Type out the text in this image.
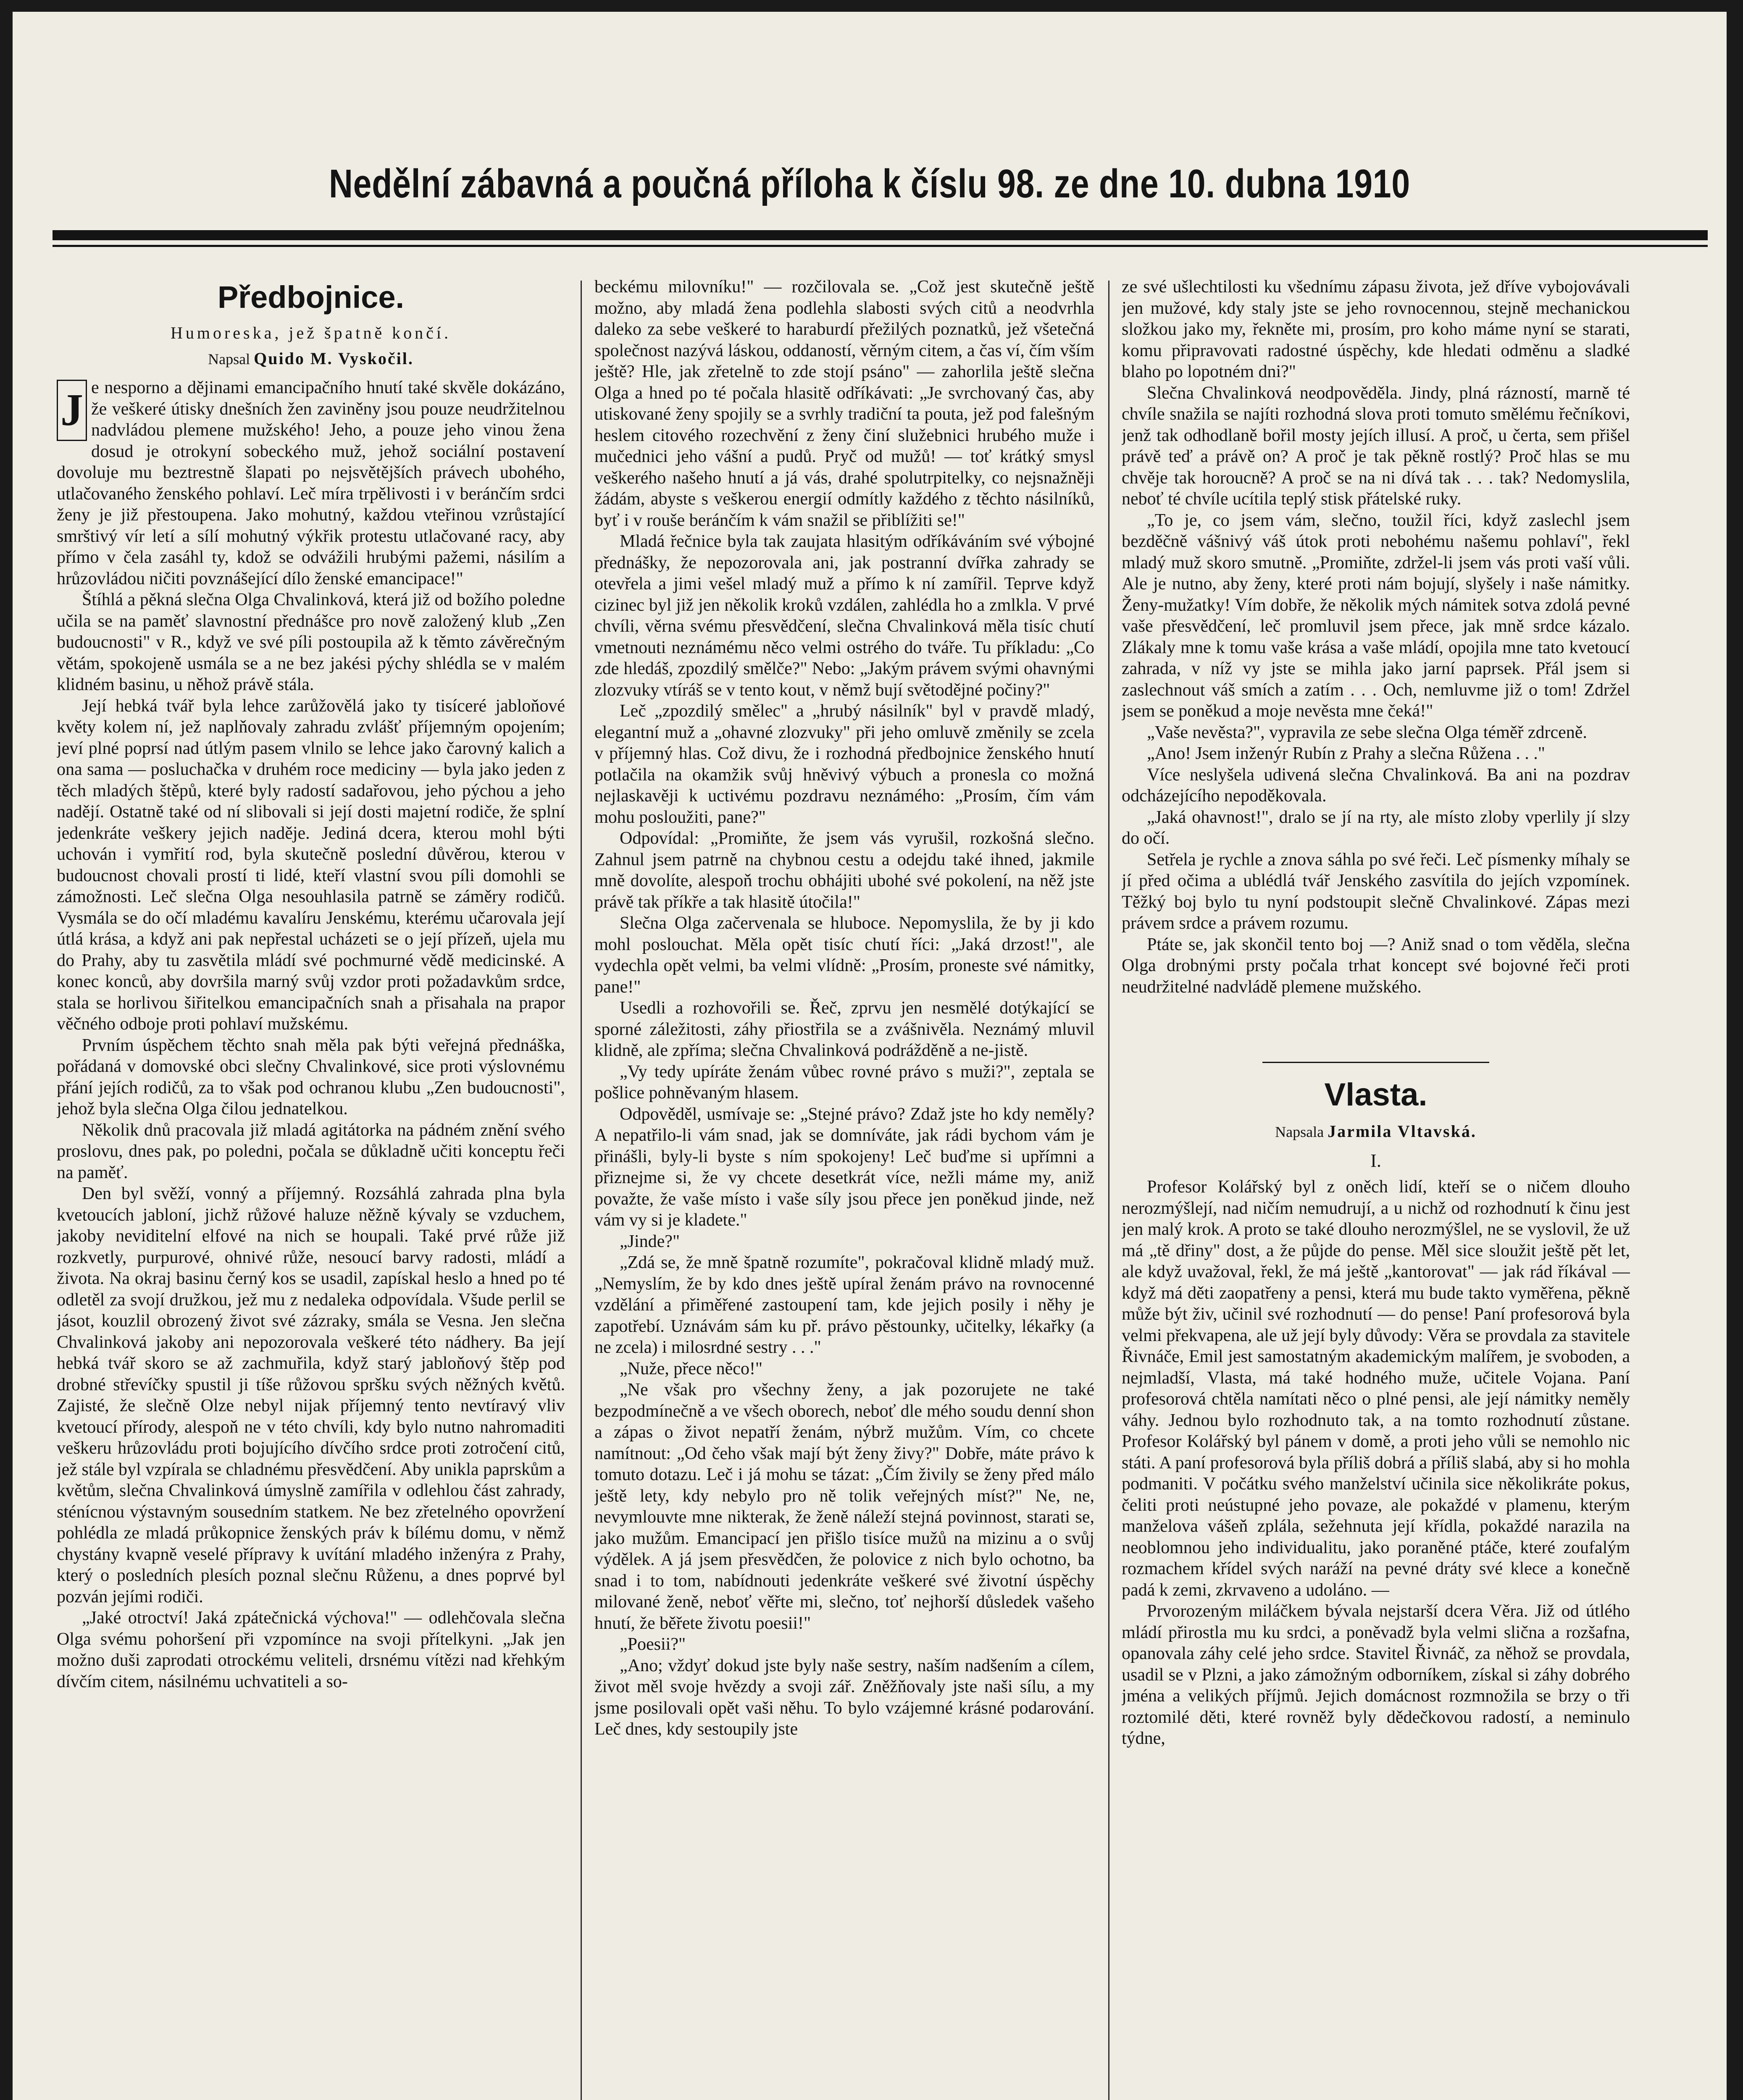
Nedělní zábavná a poučná příloha k číslu 98. ze dne 10. dubna 1910
Předbojnice.
Humoreska, jež špatně končí.
Napsal Quido M. Vyskočil.

J e nesporno a dějinami emancipačního hnutí také skvěle dokázáno, že veškeré útisky dnešních žen zaviněny jsou pouze neudržitelnou nadvládou plemene mužského! Jeho, a pouze jeho vinou žena dosud je otrokyní sobeckého muž, jehož sociální postavení dovoluje mu beztrestně šlapati po nejsvětějších právech ubohého, utlačovaného ženského pohlaví. Leč míra trpělivosti i v beránčím srdci ženy je již přestoupena. Jako mohutný, každou vteřinou vzrůstající smrštivý vír letí a sílí mohutný výkřik protestu utlačované racy, aby přímo v čela zasáhl ty, kdož se odvážili hrubými pažemi, násilím a hrůzovládou ničiti povznášející dílo ženské emancipace!"

Štíhlá a pěkná slečna Olga Chvalinková, která již od božího poledne učila se na paměť slavnostní přednášce pro nově založený klub „Zen budoucnosti" v R., když ve své píli postoupila až k těmto závěrečným větám, spokojeně usmála se a ne bez jakési pýchy shlédla se v malém klidném basinu, u něhož právě stála.

Její hebká tvář byla lehce zarůžovělá jako ty tisíceré jabloňové květy kolem ní, jež naplňovaly zahradu zvlášť příjemným opojením; jeví plné poprsí nad útlým pasem vlnilo se lehce jako čarovný kalich a ona sama — posluchačka v druhém roce mediciny — byla jako jeden z těch mladých štěpů, které byly radostí sadařovou, jeho pýchou a jeho nadějí. Ostatně také od ní slibovali si její dosti majetní rodiče, že splní jedenkráte veškery jejich naděje. Jediná dcera, kterou mohl býti uchován i vymřití rod, byla skutečně poslední důvěrou, kterou v budoucnost chovali prostí ti lidé, kteří vlastní svou píli domohli se zámožnosti. Leč slečna Olga nesouhlasila patrně se záměry rodičů. Vysmála se do očí mladému kavalíru Jenskému, kterému učarovala její útlá krása, a když ani pak nepřestal ucházeti se o její přízeň, ujela mu do Prahy, aby tu zasvětila mládí své pochmurné vědě medicinské. A konec konců, aby dovršila marný svůj vzdor proti požadavkům srdce, stala se horlivou šiřitelkou emancipačních snah a přisahala na prapor věčného odboje proti pohlaví mužskému.

Prvním úspěchem těchto snah měla pak býti veřejná přednáška, pořádaná v domovské obci slečny Chvalinkové, sice proti výslovnému přání jejích rodičů, za to však pod ochranou klubu „Zen budoucnosti", jehož byla slečna Olga čilou jednatelkou.

Několik dnů pracovala již mladá agitátorka na pádném znění svého proslovu, dnes pak, po poledni, počala se důkladně učiti konceptu řeči na paměť.

Den byl svěží, vonný a příjemný. Rozsáhlá zahrada plna byla kvetoucích jabloní, jichž růžové haluze něžně kývaly se vzduchem, jakoby neviditelní elfové na nich se houpali. Také prvé růže již rozkvetly, purpurové, ohnivé růže, nesoucí barvy radosti, mládí a života. Na okraj basinu černý kos se usadil, zapískal heslo a hned po té odletěl za svojí družkou, jež mu z nedaleka odpovídala. Všude perlil se jásot, kouzlil obrozený život své zázraky, smála se Vesna. Jen slečna Chvalinková jakoby ani nepozorovala veškeré této nádhery. Ba její hebká tvář skoro se až zachmuřila, když starý jabloňový štěp pod drobné střevíčky spustil ji tíše růžovou spršku svých něžných květů. Zajisté, že slečně Olze nebyl nijak příjemný tento nevtíravý vliv kvetoucí přírody, alespoň ne v této chvíli, kdy bylo nutno nahromaditi veškeru hrůzovládu proti bojujícího dívčího srdce proti zotročení citů, jež stále byl vzpírala se chladnému přesvědčení. Aby unikla paprskům a květům, slečna Chvalinková úmyslně zamířila v odlehlou část zahrady, sténícnou výstavným sousedním statkem. Ne bez zřetelného opovržení pohlédla ze mladá průkopnice ženských práv k bílému domu, v němž chystány kvapně veselé přípravy k uvítání mladého inženýra z Prahy, který o posledních plesích poznal slečnu Růženu, a dnes poprvé byl pozván jejími rodiči.

„Jaké otroctví! Jaká zpátečnická výchova!" — odlehčovala slečna Olga svému pohoršení při vzpomínce na svoji přítelkyni. „Jak jen možno duši zaprodati otrockému veliteli, drsnému vítězi nad křehkým dívčím citem, násilnému uchvatiteli a so-

beckému milovníku!" — rozčilovala se. „Což jest skutečně ještě možno, aby mladá žena podlehla slabosti svých citů a neodvrhla daleko za sebe veškeré to haraburdí přežilých poznatků, jež všetečná společnost nazývá láskou, oddaností, věrným citem, a čas ví, čím vším ještě? Hle, jak zřetelně to zde stojí psáno" — zahorlila ještě slečna Olga a hned po té počala hlasitě odříkávati: „Je svrchovaný čas, aby utiskované ženy spojily se a svrhly tradiční ta pouta, jež pod falešným heslem citového rozechvění z ženy činí služebnici hrubého muže i mučednici jeho vášní a pudů. Pryč od mužů! — toť krátký smysl veškerého našeho hnutí a já vás, drahé spolutrpitelky, co nejsnažněji žádám, abyste s veškerou energií odmítly každého z těchto násilníků, byť i v rouše beránčím k vám snažil se přiblížiti se!"

Mladá řečnice byla tak zaujata hlasitým odříkáváním své výbojné přednášky, že nepozorovala ani, jak postranní dvířka zahrady se otevřela a jimi vešel mladý muž a přímo k ní zamířil. Teprve když cizinec byl již jen několik kroků vzdálen, zahlédla ho a zmlkla. V prvé chvíli, věrna svému přesvědčení, slečna Chvalinková měla tisíc chutí vmetnouti neznámému něco velmi ostrého do tváře. Tu příkladu: „Co zde hledáš, zpozdilý smělče?" Nebo: „Jakým právem svými ohavnými zlozvuky vtíráš se v tento kout, v němž bují světodějné počiny?"

Leč „zpozdilý smělec" a „hrubý násilník" byl v pravdě mladý, elegantní muž a „ohavné zlozvuky" při jeho omluvě změnily se zcela v příjemný hlas. Což divu, že i rozhodná předbojnice ženského hnutí potlačila na okamžik svůj hněvivý výbuch a pronesla co možná nejlaskavěji k uctivému pozdravu neznámého: „Prosím, čím vám mohu posloužiti, pane?"

Odpovídal: „Promiňte, že jsem vás vyrušil, rozkošná slečno. Zahnul jsem patrně na chybnou cestu a odejdu také ihned, jakmile mně dovolíte, alespoň trochu obhájiti ubohé své pokolení, na něž jste právě tak příkře a tak hlasitě útočila!"

Slečna Olga začervenala se hluboce. Nepomyslila, že by ji kdo mohl poslouchat. Měla opět tisíc chutí říci: „Jaká drzost!", ale vydechla opět velmi, ba velmi vlídně: „Prosím, proneste své námitky, pane!"

Usedli a rozhovořili se. Řeč, zprvu jen nesmělé dotýkající se sporné záležitosti, záhy přiostřila se a zvášnivěla. Neznámý mluvil klidně, ale zpříma; slečna Chvalinková podrážděně a ne-jistě.

„Vy tedy upíráte ženám vůbec rovné právo s muži?", zeptala se pošlice pohněvaným hlasem.

Odpověděl, usmívaje se: „Stejné právo? Zdaž jste ho kdy neměly? A nepatřilo-li vám snad, jak se domníváte, jak rádi bychom vám je přinášli, byly-li byste s ním spokojeny! Leč buďme si upřímni a přiznejme si, že vy chcete desetkrát více, nežli máme my, aniž považte, že vaše místo i vaše síly jsou přece jen poněkud jinde, než vám vy si je kladete."

„Jinde?"

„Zdá se, že mně špatně rozumíte", pokračoval klidně mladý muž. „Nemyslím, že by kdo dnes ještě upíral ženám právo na rovnocenné vzdělání a přiměřené zastoupení tam, kde jejich posily i něhy je zapotřebí. Uznávám sám ku př. právo pěstounky, učitelky, lékařky (a ne zcela) i milosrdné sestry . . ."

„Nuže, přece něco!"

„Ne však pro všechny ženy, a jak pozorujete ne také bezpodmínečně a ve všech oborech, neboť dle mého soudu denní shon a zápas o život nepatří ženám, nýbrž mužům. Vím, co chcete namítnout: „Od čeho však mají být ženy živy?" Dobře, máte právo k tomuto dotazu. Leč i já mohu se tázat: „Čím živily se ženy před málo ještě lety, kdy nebylo pro ně tolik veřejných míst?" Ne, ne, nevymlouvte mne nikterak, že ženě náleží stejná povinnost, starati se, jako mužům. Emancipací jen přišlo tisíce mužů na mizinu a o svůj výdělek. A já jsem přesvědčen, že polovice z nich bylo ochotno, ba snad i to tom, nabídnouti jedenkráte veškeré své životní úspěchy milované ženě, neboť věřte mi, slečno, toť nejhorší důsledek vašeho hnutí, že běřete životu poesii!"

„Poesii?"

„Ano; vždyť dokud jste byly naše sestry, naším nadšením a cílem, život měl svoje hvězdy a svoji zář. Zněžňovaly jste naši sílu, a my jsme posilovali opět vaši něhu. To bylo vzájemné krásné podarování. Leč dnes, kdy sestoupily jste

ze své ušlechtilosti ku všednímu zápasu života, jež dříve vybojovávali jen mužové, kdy staly jste se jeho rovnocennou, stejně mechanickou složkou jako my, řekněte mi, prosím, pro koho máme nyní se starati, komu připravovati radostné úspěchy, kde hledati odměnu a sladké blaho po lopotném dni?"

Slečna Chvalinková neodpověděla. Jindy, plná rázností, marně té chvíle snažila se najíti rozhodná slova proti tomuto smělému řečníkovi, jenž tak odhodlaně bořil mosty jejích illusí. A proč, u čerta, sem přišel právě teď a právě on? A proč je tak pěkně rostlý? Proč hlas se mu chvěje tak horoucně? A proč se na ni dívá tak . . . tak? Nedomyslila, neboť té chvíle ucítila teplý stisk přátelské ruky.

„To je, co jsem vám, slečno, toužil říci, když zaslechl jsem bezděčně vášnivý váš útok proti nebohému našemu pohlaví", řekl mladý muž skoro smutně. „Promiňte, zdržel-li jsem vás proti vaší vůli. Ale je nutno, aby ženy, které proti nám bojují, slyšely i naše námitky. Ženy-mužatky! Vím dobře, že několik mých námitek sotva zdolá pevné vaše přesvědčení, leč promluvil jsem přece, jak mně srdce kázalo. Zlákaly mne k tomu vaše krása a vaše mládí, opojila mne tato kvetoucí zahrada, v níž vy jste se mihla jako jarní paprsek. Přál jsem si zaslechnout váš smích a zatím . . . Och, nemluvme již o tom! Zdržel jsem se poněkud a moje nevěsta mne čeká!"

„Vaše nevěsta?", vypravila ze sebe slečna Olga téměř zdrceně.

„Ano! Jsem inženýr Rubín z Prahy a slečna Růžena . . ."

Více neslyšela udivená slečna Chvalinková. Ba ani na pozdrav odcházejícího nepoděkovala.

„Jaká ohavnost!", dralo se jí na rty, ale místo zloby vperlily jí slzy do očí.

Setřela je rychle a znova sáhla po své řeči. Leč písmenky míhaly se jí před očima a ublédlá tvář Jenského zasvítila do jejích vzpomínek. Těžký boj bylo tu nyní podstoupit slečně Chvalinkové. Zápas mezi právem srdce a právem rozumu.

Ptáte se, jak skončil tento boj —? Aniž snad o tom věděla, slečna Olga drobnými prsty počala trhat koncept své bojovné řeči proti neudržitelné nadvládě plemene mužského.

Vlasta.
Napsala Jarmila Vltavská.
I.

Profesor Kolářský byl z oněch lidí, kteří se o ničem dlouho nerozmýšlejí, nad ničím nemudrují, a u nichž od rozhodnutí k činu jest jen malý krok. A proto se také dlouho nerozmýšlel, ne se vyslovil, že už má „tě dřiny" dost, a že půjde do pense. Měl sice sloužit ještě pět let, ale když uvažoval, řekl, že má ještě „kantorovat" — jak rád říkával — když má děti zaopatřeny a pensi, která mu bude takto vyměřena, pěkně může být živ, učinil své rozhodnutí — do pense! Paní profesorová byla velmi překvapena, ale už její byly důvody: Věra se provdala za stavitele Řivnáče, Emil jest samostatným akademickým malířem, je svoboden, a nejmladší, Vlasta, má také hodného muže, učitele Vojana. Paní profesorová chtěla namítati něco o plné pensi, ale její námitky neměly váhy. Jednou bylo rozhodnuto tak, a na tomto rozhodnutí zůstane. Profesor Kolářský byl pánem v domě, a proti jeho vůli se nemohlo nic státi. A paní profesorová byla příliš dobrá a příliš slabá, aby si ho mohla podmaniti. V počátku svého manželství učinila sice několikráte pokus, čeliti proti neústupné jeho povaze, ale pokaždé v plamenu, kterým manželova vášeň zplála, sežehnuta její křídla, pokaždé narazila na neoblomnou jeho individualitu, jako poraněné ptáče, které zoufalým rozmachem křídel svých naráží na pevné dráty své klece a konečně padá k zemi, zkrvaveno a udoláno. —

Prvorozeným miláčkem bývala nejstarší dcera Věra. Již od útlého mládí přirostla mu ku srdci, a poněvadž byla velmi slična a rozšafna, opanovala záhy celé jeho srdce. Stavitel Řivnáč, za něhož se provdala, usadil se v Plzni, a jako zámožným odborníkem, získal si záhy dobrého jména a velikých příjmů. Jejich domácnost rozmnožila se brzy o tři roztomilé děti, které rovněž byly dědečkovou radostí, a neminulo týdne,
